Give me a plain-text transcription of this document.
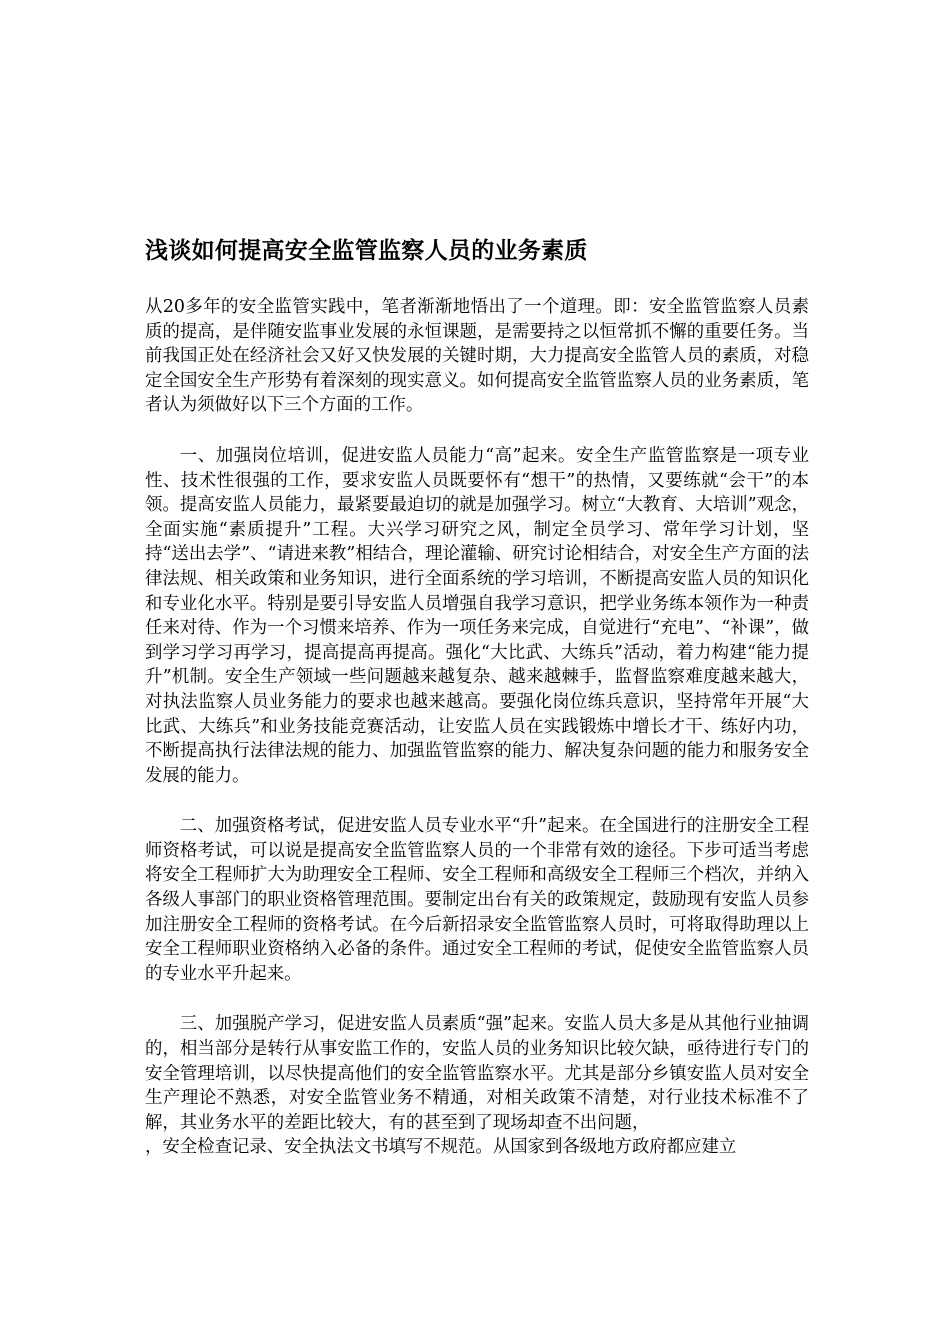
浅谈如何提高安全监管监察人员的业务素质

从20多年的安全监管实践中，笔者渐渐地悟出了一个道理。即：安全监管监察人员素质的提高，是伴随安监事业发展的永恒课题，是需要持之以恒常抓不懈的重要任务。当前我国正处在经济社会又好又快发展的关键时期，大力提高安全监管人员的素质，对稳定全国安全生产形势有着深刻的现实意义。如何提高安全监管监察人员的业务素质，笔者认为须做好以下三个方面的工作。

一、加强岗位培训，促进安监人员能力“高”起来。安全生产监管监察是一项专业性、技术性很强的工作，要求安监人员既要怀有“想干”的热情，又要练就“会干”的本领。提高安监人员能力，最紧要最迫切的就是加强学习。树立“大教育、大培训”观念，全面实施“素质提升”工程。大兴学习研究之风，制定全员学习、常年学习计划，坚持“送出去学”、“请进来教”相结合，理论灌输、研究讨论相结合，对安全生产方面的法律法规、相关政策和业务知识，进行全面系统的学习培训，不断提高安监人员的知识化和专业化水平。特别是要引导安监人员增强自我学习意识，把学业务练本领作为一种责任来对待、作为一个习惯来培养、作为一项任务来完成，自觉进行“充电”、“补课”，做到学习学习再学习，提高提高再提高。强化“大比武、大练兵”活动，着力构建“能力提升”机制。安全生产领域一些问题越来越复杂、越来越棘手，监督监察难度越来越大，对执法监察人员业务能力的要求也越来越高。要强化岗位练兵意识，坚持常年开展“大比武、大练兵”和业务技能竞赛活动，让安监人员在实践锻炼中增长才干、练好内功，不断提高执行法律法规的能力、加强监管监察的能力、解决复杂问题的能力和服务安全发展的能力。

二、加强资格考试，促进安监人员专业水平“升”起来。在全国进行的注册安全工程师资格考试，可以说是提高安全监管监察人员的一个非常有效的途径。下步可适当考虑将安全工程师扩大为助理安全工程师、安全工程师和高级安全工程师三个档次，并纳入各级人事部门的职业资格管理范围。要制定出台有关的政策规定，鼓励现有安监人员参加注册安全工程师的资格考试。在今后新招录安全监管监察人员时，可将取得助理以上安全工程师职业资格纳入必备的条件。通过安全工程师的考试，促使安全监管监察人员的专业水平升起来。

三、加强脱产学习，促进安监人员素质“强”起来。安监人员大多是从其他行业抽调的，相当部分是转行从事安监工作的，安监人员的业务知识比较欠缺，亟待进行专门的安全管理培训，以尽快提高他们的安全监管监察水平。尤其是部分乡镇安监人员对安全生产理论不熟悉，对安全监管业务不精通，对相关政策不清楚，对行业技术标准不了解，其业务水平的差距比较大，有的甚至到了现场却查不出问题，

，安全检查记录、安全执法文书填写不规范。从国家到各级地方政府都应建立
